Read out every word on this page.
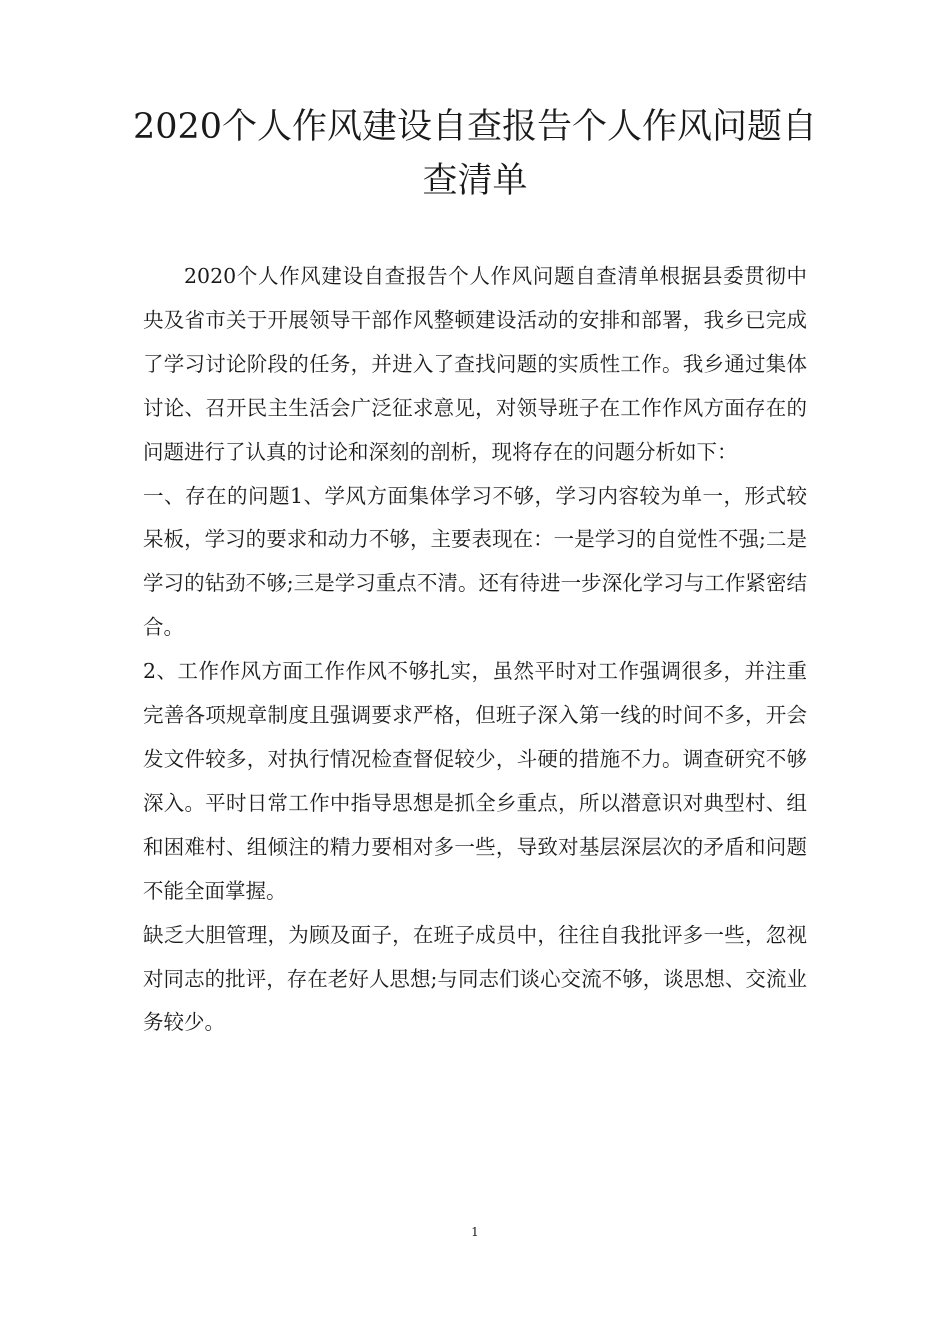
2020个人作风建设自查报告个人作风问题自查清单

2020个人作风建设自查报告个人作风问题自查清单根据县委贯彻中央及省市关于开展领导干部作风整顿建设活动的安排和部署，我乡已完成了学习讨论阶段的任务，并进入了查找问题的实质性工作。我乡通过集体讨论、召开民主生活会广泛征求意见，对领导班子在工作作风方面存在的问题进行了认真的讨论和深刻的剖析，现将存在的问题分析如下：

一、存在的问题1、学风方面集体学习不够，学习内容较为单一，形式较呆板，学习的要求和动力不够，主要表现在：一是学习的自觉性不强;二是学习的钻劲不够;三是学习重点不清。还有待进一步深化学习与工作紧密结合。

2、工作作风方面工作作风不够扎实，虽然平时对工作强调很多，并注重完善各项规章制度且强调要求严格，但班子深入第一线的时间不多，开会发文件较多，对执行情况检查督促较少，斗硬的措施不力。调查研究不够深入。平时日常工作中指导思想是抓全乡重点，所以潜意识对典型村、组和困难村、组倾注的精力要相对多一些，导致对基层深层次的矛盾和问题不能全面掌握。

缺乏大胆管理，为顾及面子，在班子成员中，往往自我批评多一些，忽视对同志的批评，存在老好人思想;与同志们谈心交流不够，谈思想、交流业务较少。

1
